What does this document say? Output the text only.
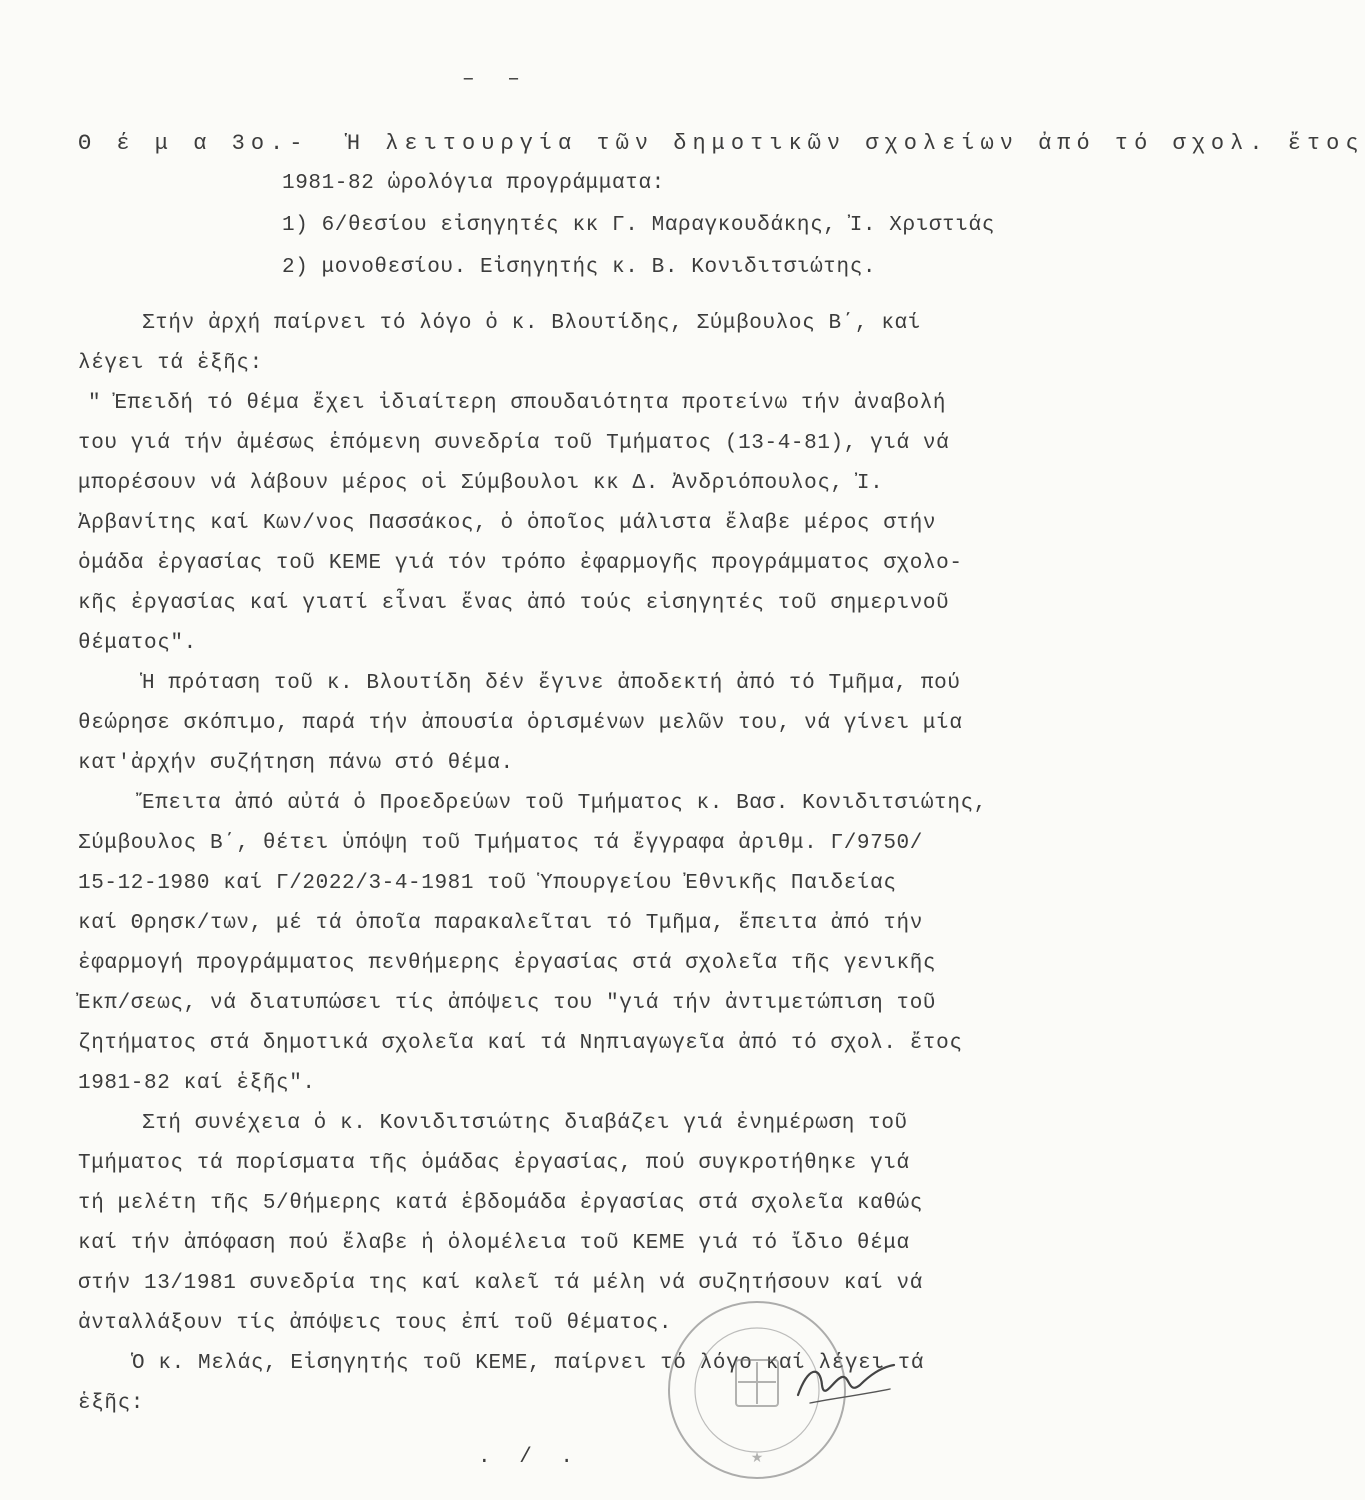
– –
Θ έ μ α 3ο.-  Ἡ λειτουργία τῶν δημοτικῶν σχολείων ἀπό τό σχολ. ἔτος
1981-82 ὡρολόγια προγράμματα:
1) 6/θεσίου εἰσηγητές κκ Γ. Μαραγκουδάκης, Ἰ. Χριστιάς
2) μονοθεσίου. Εἰσηγητής κ. Β. Κονιδιτσιώτης.
Στήν ἀρχή παίρνει τό λόγο ὁ κ. Βλουτίδης, Σύμβουλος Β΄, καί
λέγει τά ἑξῆς:
" Ἐπειδή τό θέμα ἔχει ἰδιαίτερη σπουδαιότητα προτείνω τήν ἀναβολή
του γιά τήν ἀμέσως ἑπόμενη συνεδρία τοῦ Τμήματος (13-4-81), γιά νά
μπορέσουν νά λάβουν μέρος οἱ Σύμβουλοι κκ Δ. Ἀνδριόπουλος, Ἰ.
Ἀρβανίτης καί Κων/νος Πασσάκος, ὁ ὁποῖος μάλιστα ἔλαβε μέρος στήν
ὁμάδα ἐργασίας τοῦ ΚΕΜΕ γιά τόν τρόπο ἐφαρμογῆς προγράμματος σχολο-
κῆς ἐργασίας καί γιατί εἶναι ἕνας ἀπό τούς εἰσηγητές τοῦ σημερινοῦ
θέματος".
Ἡ πρόταση τοῦ κ. Βλουτίδη δέν ἔγινε ἀποδεκτή ἀπό τό Τμῆμα, πού
θεώρησε σκόπιμο, παρά τήν ἀπουσία ὁρισμένων μελῶν του, νά γίνει μία
κατ'ἀρχήν συζήτηση πάνω στό θέμα.
Ἔπειτα ἀπό αὐτά ὁ Προεδρεύων τοῦ Τμήματος κ. Βασ. Κονιδιτσιώτης,
Σύμβουλος Β΄, θέτει ὑπόψη τοῦ Τμήματος τά ἔγγραφα ἀριθμ. Γ/9750/
15-12-1980 καί Γ/2022/3-4-1981 τοῦ Ὑπουργείου Ἐθνικῆς Παιδείας
καί Θρησκ/των, μέ τά ὁποῖα παρακαλεῖται τό Τμῆμα, ἔπειτα ἀπό τήν
ἐφαρμογή προγράμματος πενθήμερης ἐργασίας στά σχολεῖα τῆς γενικῆς
Ἐκπ/σεως, νά διατυπώσει τίς ἀπόψεις του "γιά τήν ἀντιμετώπιση τοῦ
ζητήματος στά δημοτικά σχολεῖα καί τά Νηπιαγωγεῖα ἀπό τό σχολ. ἔτος
1981-82 καί ἑξῆς".
Στή συνέχεια ὁ κ. Κονιδιτσιώτης διαβάζει γιά ἐνημέρωση τοῦ
Τμήματος τά πορίσματα τῆς ὁμάδας ἐργασίας, πού συγκροτήθηκε γιά
τή μελέτη τῆς 5/θήμερης κατά ἑβδομάδα ἐργασίας στά σχολεῖα καθώς
καί τήν ἀπόφαση πού ἔλαβε ἡ ὁλομέλεια τοῦ ΚΕΜΕ γιά τό ἴδιο θέμα
στήν 13/1981 συνεδρία της καί καλεῖ τά μέλη νά συζητήσουν καί νά
ἀνταλλάξουν τίς ἀπόψεις τους ἐπί τοῦ θέματος.
Ὁ κ. Μελάς, Εἰσηγητής τοῦ ΚΕΜΕ, παίρνει τό λόγο καί λέγει τά
ἑξῆς:
. / .	★
